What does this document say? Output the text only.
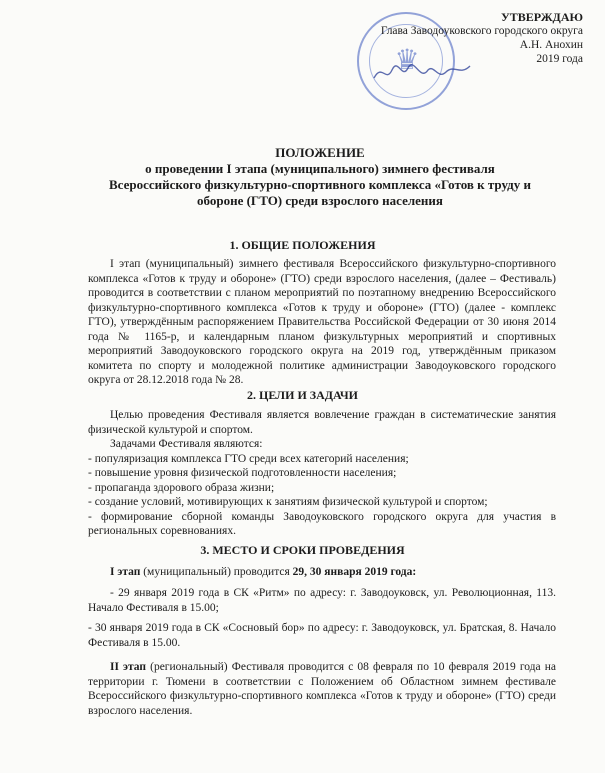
♛
УТВЕРЖДАЮ
Глава Заводоуковского городского округа
А.Н. Анохин
2019 года
ПОЛОЖЕНИЕ
о проведении I этапа (муниципального) зимнего фестиваля
Всероссийского физкультурно-спортивного комплекса «Готов к труду и
обороне (ГТО) среди взрослого населения
1. ОБЩИЕ ПОЛОЖЕНИЯ
I этап (муниципальный) зимнего фестиваля Всероссийского физкультурно-спортивного комплекса «Готов к труду и обороне» (ГТО) среди взрослого населения, (далее – Фестиваль) проводится в соответствии с планом мероприятий по поэтапному внедрению Всероссийского физкультурно-спортивного комплекса «Готов к труду и обороне» (ГТО) (далее - комплекс ГТО), утверждённым распоряжением Правительства Российской Федерации от 30 июня 2014 года № 1165-р, и календарным планом физкультурных мероприятий и спортивных мероприятий Заводоуковского городского округа на 2019 год, утверждённым приказом комитета по спорту и молодежной политике администрации Заводоуковского городского округа от 28.12.2018 года № 28.
2. ЦЕЛИ И ЗАДАЧИ
Целью проведения Фестиваля является вовлечение граждан в систематические занятия физической культурой и спортом.
Задачами Фестиваля являются:
- популяризация комплекса ГТО среди всех категорий населения;
- повышение уровня физической подготовленности населения;
- пропаганда здорового образа жизни;
- создание условий, мотивирующих к занятиям физической культурой и спортом;
- формирование сборной команды Заводоуковского городского округа для участия в региональных соревнованиях.
3. МЕСТО И СРОКИ ПРОВЕДЕНИЯ
I этап (муниципальный) проводится 29, 30 января 2019 года:
- 29 января 2019 года в СК «Ритм» по адресу: г. Заводоуковск, ул. Революционная, 113. Начало Фестиваля в 15.00;
- 30 января 2019 года в СК «Сосновый бор» по адресу: г. Заводоуковск, ул. Братская, 8. Начало Фестиваля в 15.00.
II этап (региональный) Фестиваля проводится с 08 февраля по 10 февраля 2019 года на территории г. Тюмени в соответствии с Положением об Областном зимнем фестивале Всероссийского физкультурно-спортивного комплекса «Готов к труду и обороне» (ГТО) среди взрослого населения.
